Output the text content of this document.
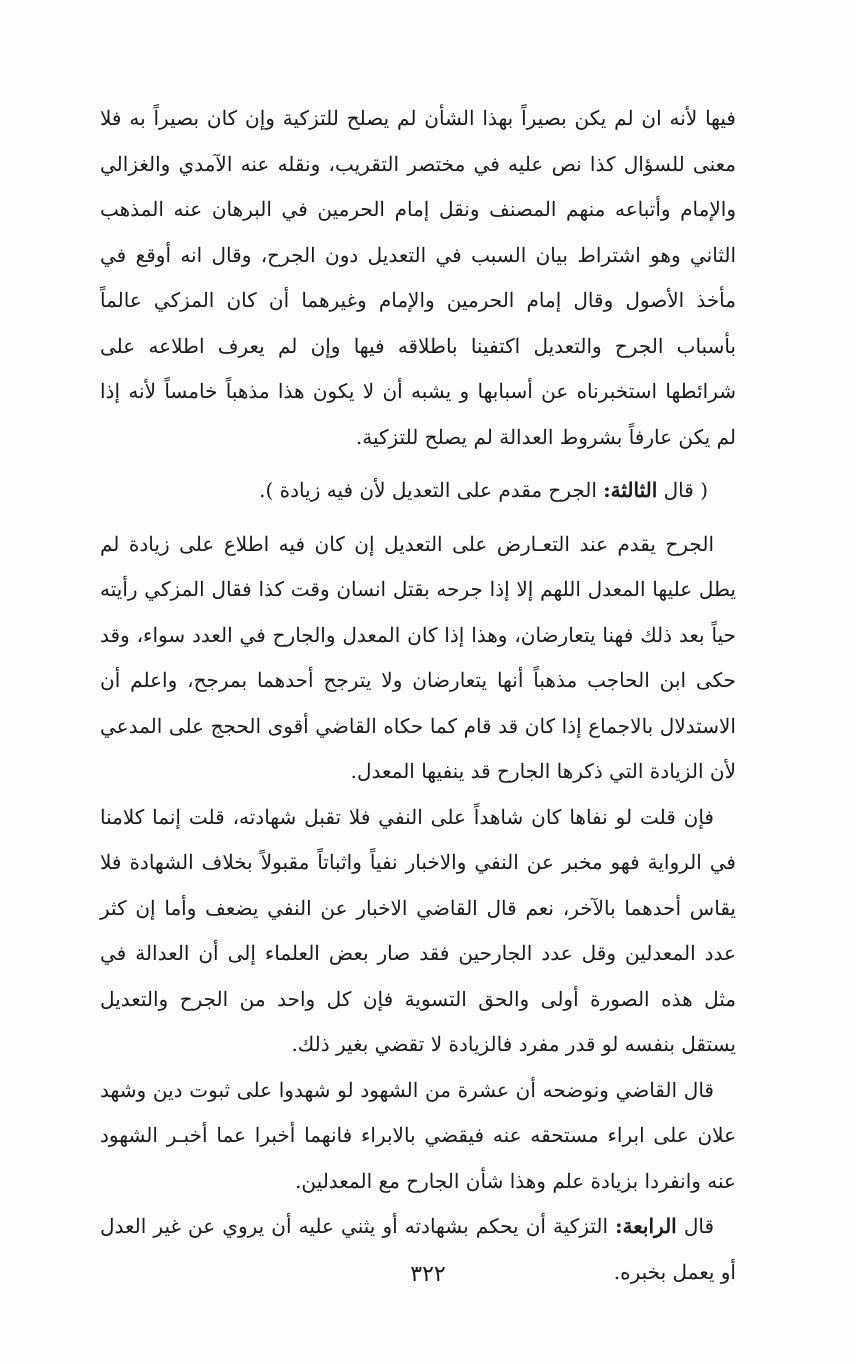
فيها لأنه ان لم يكن بصيراً بهذا الشأن لم يصلح للتزكية وإن كان بصيراً به فلا معنى للسؤال كذا نص عليه في مختصر التقريب، ونقله عنه الآمدي والغزالي والإمام وأتباعه منهم المصنف ونقل إمام الحرمين في البرهان عنه المذهب الثاني وهو اشتراط بيان السبب في التعديل دون الجرح، وقال انه أوقع في مأخذ الأصول وقال إمام الحرمين والإمام وغيرهما أن كان المزكي عالماً بأسباب الجرح والتعديل اكتفينا باطلاقه فيها وإن لم يعرف اطلاعه على شرائطها استخبرناه عن أسبابها و يشبه أن لا يكون هذا مذهباً خامساً لأنه إذا لم يكن عارفاً بشروط العدالة لم يصلح للتزكية.

( قال الثالثة: الجرح مقدم على التعديل لأن فيه زيادة ).

الجرح يقدم عند التعـارض على التعديل إن كان فيه اطلاع على زيادة لم يطل عليها المعدل اللهم إلا إذا جرحه بقتل انسان وقت كذا فقال المزكي رأيته حياً بعد ذلك فهنا يتعارضان، وهذا إذا كان المعدل والجارح في العدد سواء، وقد حكى ابن الحاجب مذهباً أنها يتعارضان ولا يترجح أحدهما بمرجح، واعلم أن الاستدلال بالاجماع إذا كان قد قام كما حكاه القاضي أقوى الحجج على المدعي لأن الزيادة التي ذكرها الجارح قد ينفيها المعدل.

فإن قلت لو نفاها كان شاهداً على النفي فلا تقبل شهادته، قلت إنما كلامنا في الرواية فهو مخبر عن النفي والاخبار نفياً واثباتاً مقبولاً بخلاف الشهادة فلا يقاس أحدهما بالآخر، نعم قال القاضي الاخبار عن النفي يضعف وأما إن كثر عدد المعدلين وقل عدد الجارحين فقد صار بعض العلماء إلى أن العدالة في مثل هذه الصورة أولى والحق التسوية فإن كل واحد من الجرح والتعديل يستقل بنفسه لو قدر مفرد فالزيادة لا تقضي بغير ذلك.

قال القاضي ونوضحه أن عشرة من الشهود لو شهدوا على ثبوت دين وشهد علان على ابراء مستحقه عنه فيقضي بالابراء فانهما أخبرا عما أخبـر الشهود عنه وانفردا بزيادة علم وهذا شأن الجارح مع المعدلين.

قال الرابعة: التزكية أن يحكم بشهادته أو يثني عليه أن يروي عن غير العدل أو يعمل بخبره.

٣٢٢
